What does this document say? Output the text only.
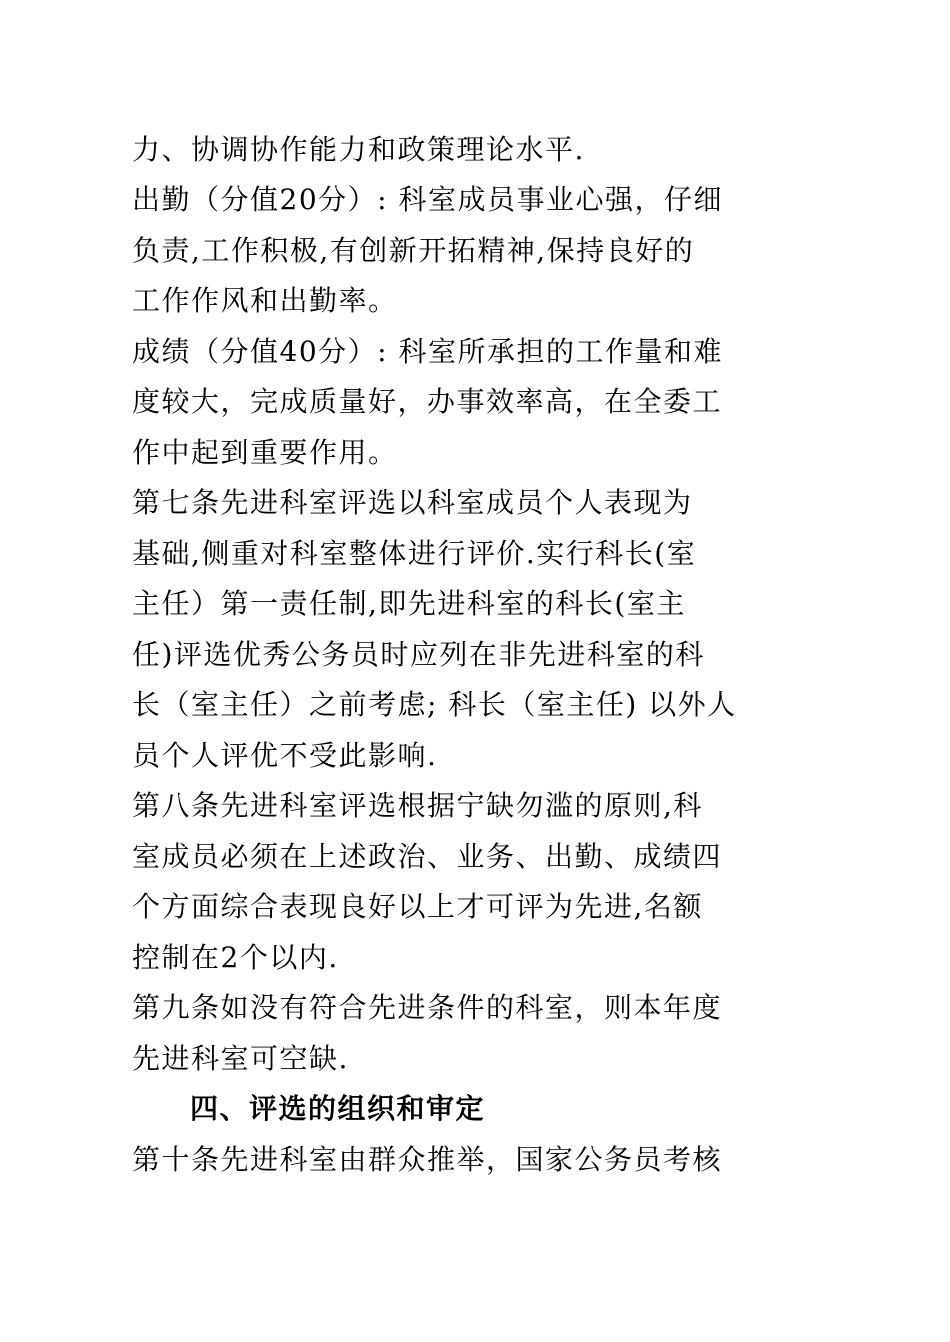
力、协调协作能力和政策理论水平.

出勤（分值20分）: 科室成员事业心强，仔细

负责,工作积极,有创新开拓精神,保持良好的

工作作风和出勤率。

成绩（分值40分）: 科室所承担的工作量和难

度较大，完成质量好，办事效率高，在全委工

作中起到重要作用。

第七条先进科室评选以科室成员个人表现为

基础,侧重对科室整体进行评价.实行科长(室

主任）第一责任制,即先进科室的科长(室主

任)评选优秀公务员时应列在非先进科室的科

长（室主任）之前考虑; 科长（室主任) 以外人

员个人评优不受此影响.

第八条先进科室评选根据宁缺勿滥的原则,科

室成员必须在上述政治、业务、出勤、成绩四

个方面综合表现良好以上才可评为先进,名额

控制在2个以内.

第九条如没有符合先进条件的科室，则本年度

先进科室可空缺.

四、评选的组织和审定

第十条先进科室由群众推举，国家公务员考核
